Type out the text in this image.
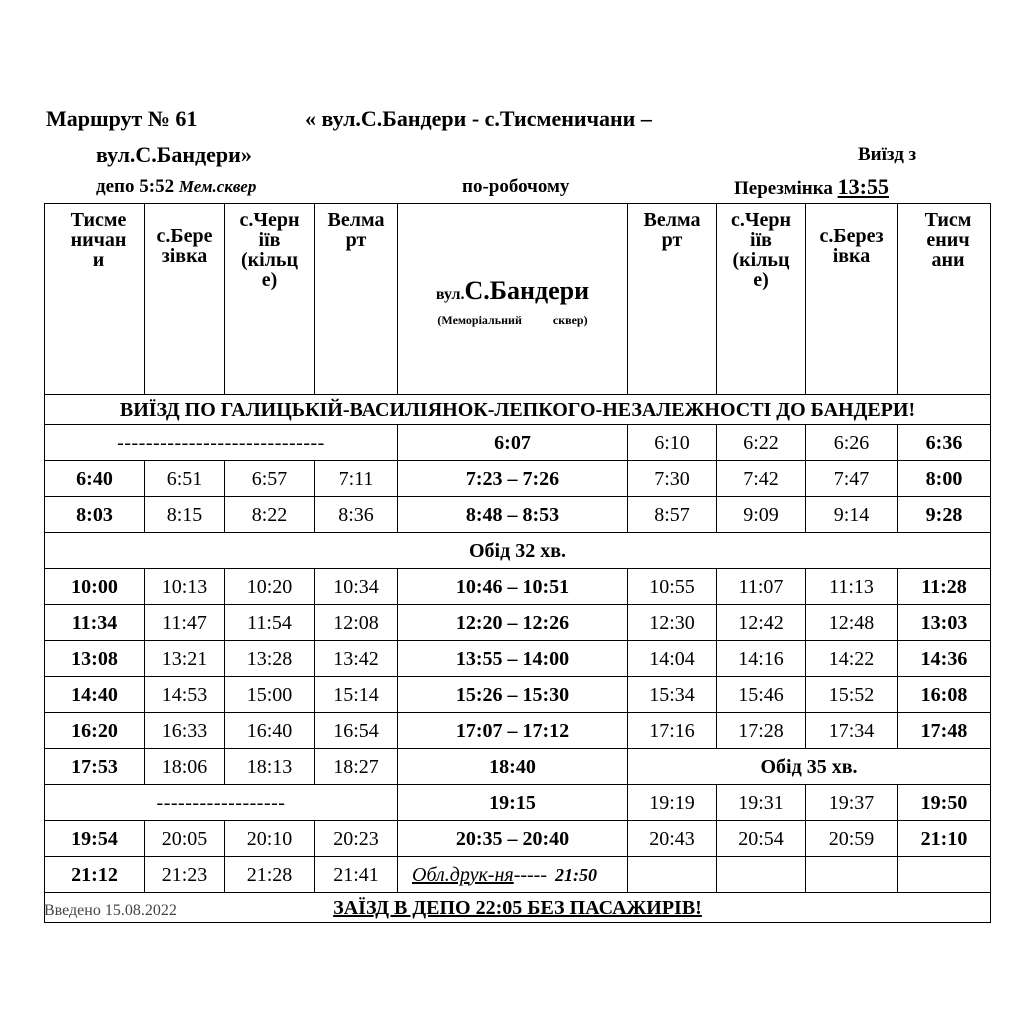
Маршрут № 61	« вул.С.Бандери - с.Тисменичани –
вул.С.Бандери»	Виїзд з
депо 5:52 Мем.сквер	по-робочому	Перезмінка 13:55
Тисме
ничан
и	с.Бере
зівка	с.Черн
іїв
(кільц
е)	Велма
рт	вул.С.Бандери
(Меморіальний сквер)	Велма
рт	с.Черн
іїв
(кільц
е)	с.Берез
івка	Тисм
енич
ани
ВИЇЗД ПО ГАЛИЦЬКІЙ-ВАСИЛІЯНОК-ЛЕПКОГО-НЕЗАЛЕЖНОСТІ ДО БАНДЕРИ!								
-----------------------------				6:07	6:10	6:22	6:26	6:36
6:40	6:51	6:57	7:11	7:23 – 7:26	7:30	7:42	7:47	8:00
8:03	8:15	8:22	8:36	8:48 – 8:53	8:57	9:09	9:14	9:28
Обід 32 хв.								
10:00	10:13	10:20	10:34	10:46 – 10:51	10:55	11:07	11:13	11:28
11:34	11:47	11:54	12:08	12:20 – 12:26	12:30	12:42	12:48	13:03
13:08	13:21	13:28	13:42	13:55 – 14:00	14:04	14:16	14:22	14:36
14:40	14:53	15:00	15:14	15:26 – 15:30	15:34	15:46	15:52	16:08
16:20	16:33	16:40	16:54	17:07 – 17:12	17:16	17:28	17:34	17:48
17:53	18:06	18:13	18:27	18:40	Обід 35 хв.			
------------------				19:15	19:19	19:31	19:37	19:50
19:54	20:05	20:10	20:23	20:35 – 20:40	20:43	20:54	20:59	21:10
21:12	21:23	21:28	21:41	Обл.друк-ня----- 21:50				
ЗАЇЗД В ДЕПО 22:05 БЕЗ ПАСАЖИРІВ!								
Введено 15.08.2022
